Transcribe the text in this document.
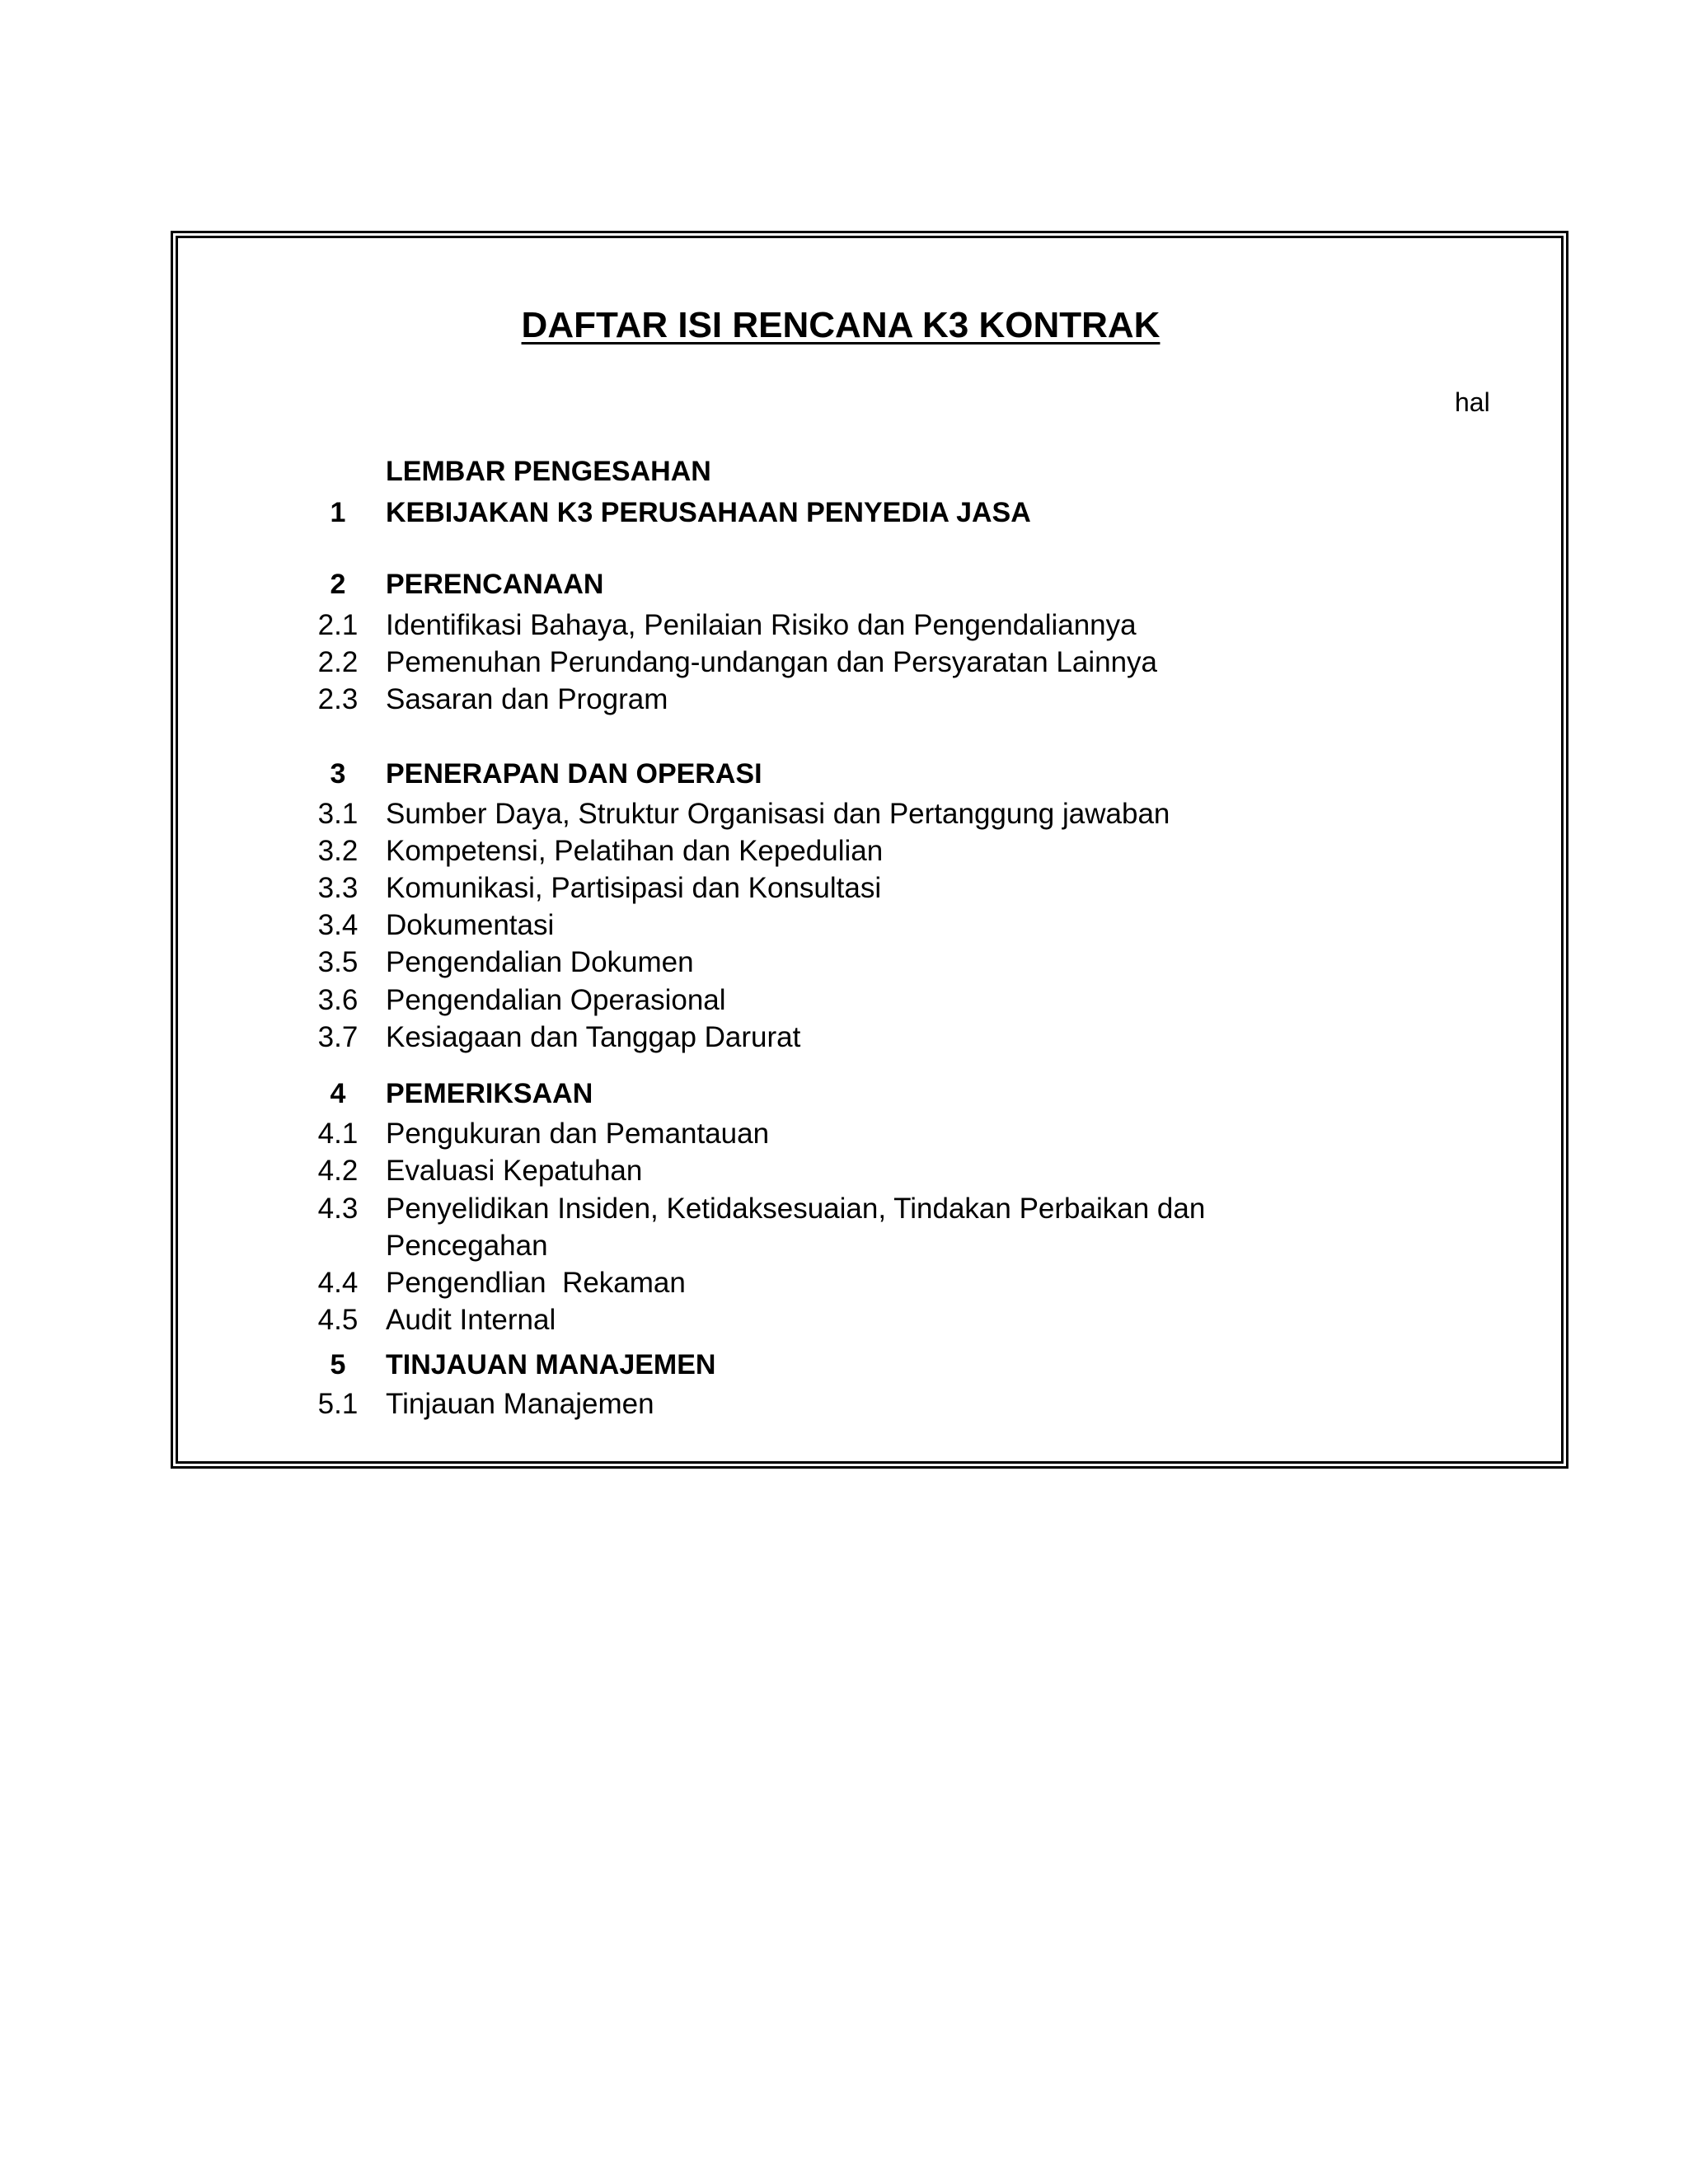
DAFTAR ISI RENCANA K3 KONTRAK
hal
LEMBAR PENGESAHAN
1	KEBIJAKAN K3 PERUSAHAAN PENYEDIA JASA
2	PERENCANAAN
2.1 Identifikasi Bahaya, Penilaian Risiko dan Pengendaliannya
2.2 Pemenuhan Perundang-undangan dan Persyaratan Lainnya
2.3 Sasaran dan Program
3	PENERAPAN DAN OPERASI
3.1 Sumber Daya, Struktur Organisasi dan Pertanggung jawaban
3.2 Kompetensi, Pelatihan dan Kepedulian
3.3 Komunikasi, Partisipasi dan Konsultasi
3.4 Dokumentasi
3.5 Pengendalian Dokumen
3.6 Pengendalian Operasional
3.7 Kesiagaan dan Tanggap Darurat
4	PEMERIKSAAN
4.1 Pengukuran dan Pemantauan
4.2 Evaluasi Kepatuhan
4.3 Penyelidikan Insiden, Ketidaksesuaian, Tindakan Perbaikan dan
Pencegahan
4.4 Pengendlian  Rekaman
4.5 Audit Internal
5	TINJAUAN MANAJEMEN
5.1 Tinjauan Manajemen
